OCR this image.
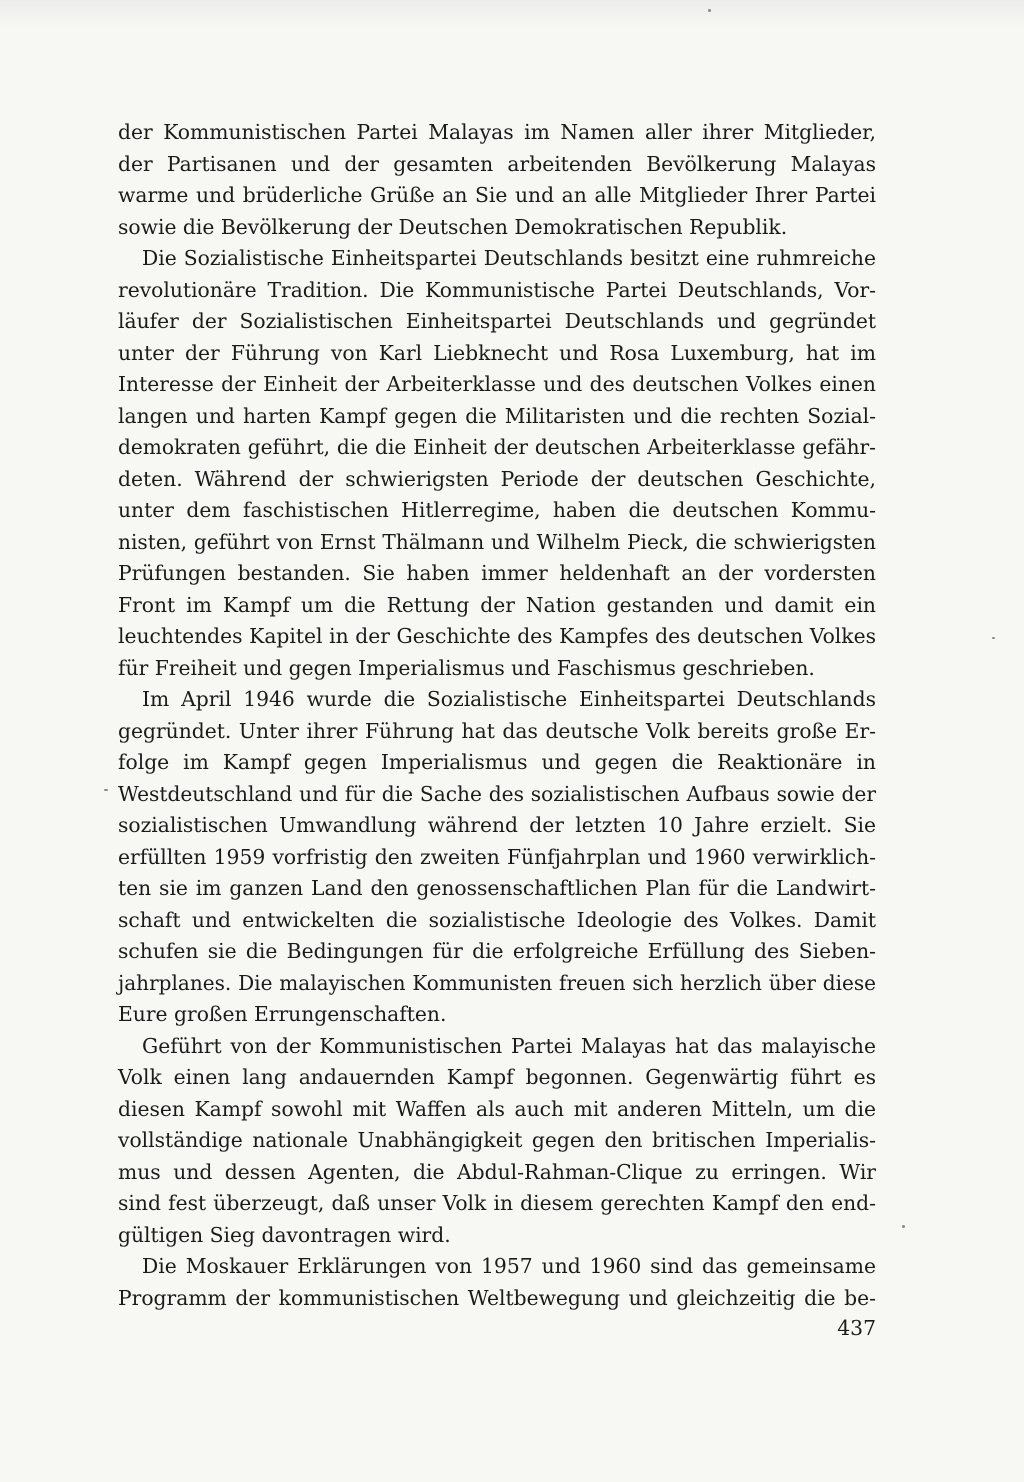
der Kommunistischen Partei Malayas im Namen aller ihrer Mitglieder,
der Partisanen und der gesamten arbeitenden Bevölkerung Malayas
warme und brüderliche Grüße an Sie und an alle Mitglieder Ihrer Partei
sowie die Bevölkerung der Deutschen Demokratischen Republik.
Die Sozialistische Einheitspartei Deutschlands besitzt eine ruhmreiche
revolutionäre Tradition. Die Kommunistische Partei Deutschlands, Vor-
läufer der Sozialistischen Einheitspartei Deutschlands und gegründet
unter der Führung von Karl Liebknecht und Rosa Luxemburg, hat im
Interesse der Einheit der Arbeiterklasse und des deutschen Volkes einen
langen und harten Kampf gegen die Militaristen und die rechten Sozial-
demokraten geführt, die die Einheit der deutschen Arbeiterklasse gefähr-
deten. Während der schwierigsten Periode der deutschen Geschichte,
unter dem faschistischen Hitlerregime, haben die deutschen Kommu-
nisten, geführt von Ernst Thälmann und Wilhelm Pieck, die schwierigsten
Prüfungen bestanden. Sie haben immer heldenhaft an der vordersten
Front im Kampf um die Rettung der Nation gestanden und damit ein
leuchtendes Kapitel in der Geschichte des Kampfes des deutschen Volkes
für Freiheit und gegen Imperialismus und Faschismus geschrieben.
Im April 1946 wurde die Sozialistische Einheitspartei Deutschlands
gegründet. Unter ihrer Führung hat das deutsche Volk bereits große Er-
folge im Kampf gegen Imperialismus und gegen die Reaktionäre in
Westdeutschland und für die Sache des sozialistischen Aufbaus sowie der
sozialistischen Umwandlung während der letzten 10 Jahre erzielt. Sie
erfüllten 1959 vorfristig den zweiten Fünfjahrplan und 1960 verwirklich-
ten sie im ganzen Land den genossenschaftlichen Plan für die Landwirt-
schaft und entwickelten die sozialistische Ideologie des Volkes. Damit
schufen sie die Bedingungen für die erfolgreiche Erfüllung des Sieben-
jahrplanes. Die malayischen Kommunisten freuen sich herzlich über diese
Eure großen Errungenschaften.
Geführt von der Kommunistischen Partei Malayas hat das malayische
Volk einen lang andauernden Kampf begonnen. Gegenwärtig führt es
diesen Kampf sowohl mit Waffen als auch mit anderen Mitteln, um die
vollständige nationale Unabhängigkeit gegen den britischen Imperialis-
mus und dessen Agenten, die Abdul-Rahman-Clique zu erringen. Wir
sind fest überzeugt, daß unser Volk in diesem gerechten Kampf den end-
gültigen Sieg davontragen wird.
Die Moskauer Erklärungen von 1957 und 1960 sind das gemeinsame
Programm der kommunistischen Weltbewegung und gleichzeitig die be-
437
